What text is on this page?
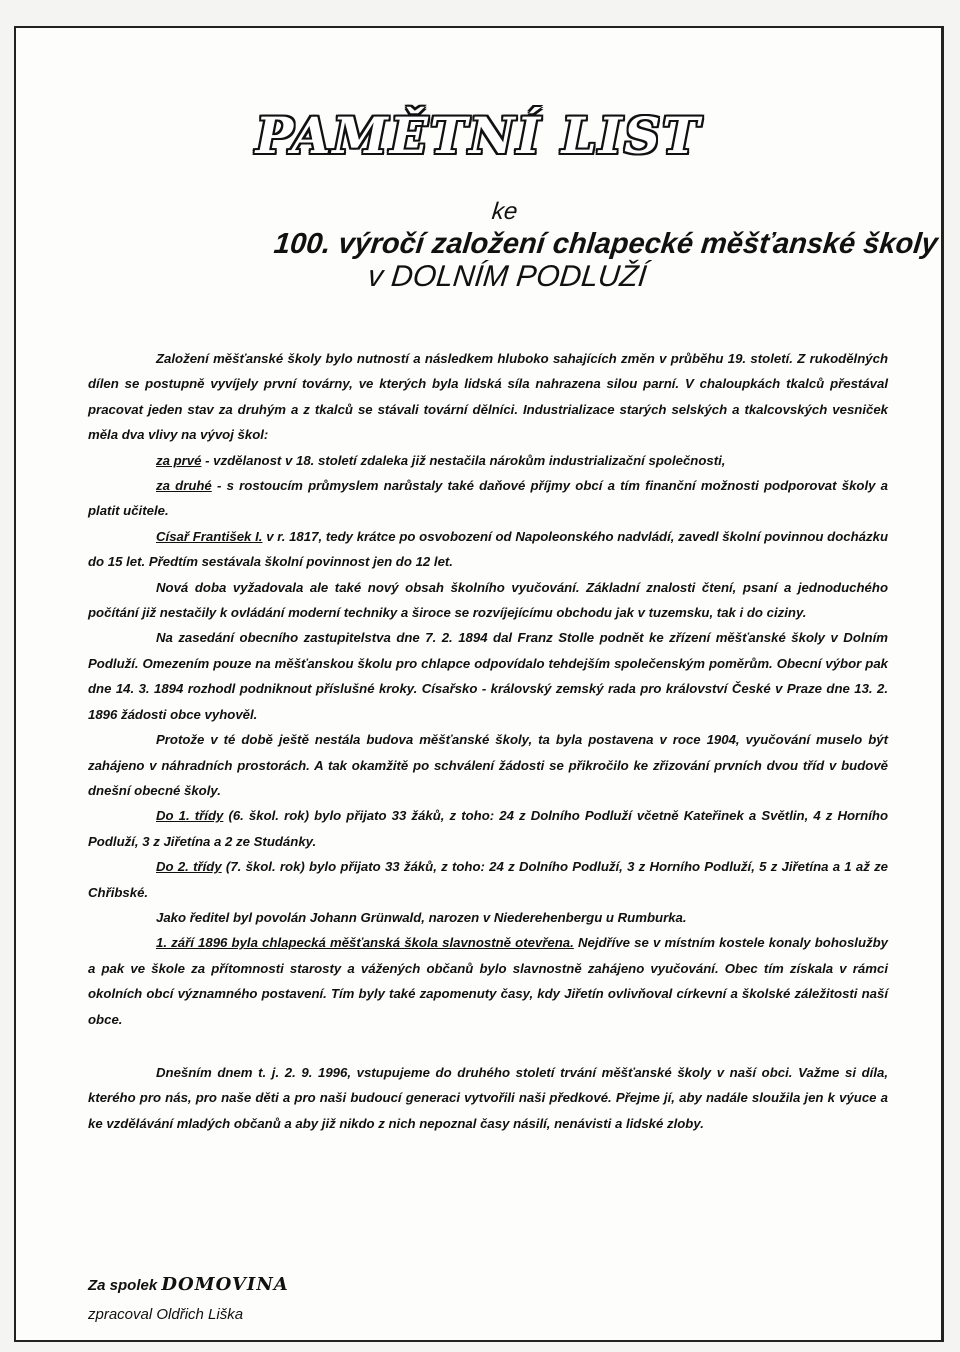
PAMĚTNÍ LIST
ke
100. výročí založení chlapecké měšťanské školy
v DOLNÍM PODLUŽÍ

Založení měšťanské školy bylo nutností a následkem hluboko sahajících změn v průběhu 19. století. Z rukodělných dílen se postupně vyvíjely první továrny, ve kterých byla lidská síla nahrazena silou parní. V chaloupkách tkalců přestával pracovat jeden stav za druhým a z tkalců se stávali tovární dělníci. Industrializace starých selských a tkalcovských vesniček měla dva vlivy na vývoj škol:

za prvé - vzdělanost v 18. století zdaleka již nestačila nárokům industrializační společnosti,

za druhé - s rostoucím průmyslem narůstaly také daňové příjmy obcí a tím finanční možnosti podporovat školy a platit učitele.

Císař František I. v r. 1817, tedy krátce po osvobození od Napoleonského nadvládí, zavedl školní povinnou docházku do 15 let. Předtím sestávala školní povinnost jen do 12 let.

Nová doba vyžadovala ale také nový obsah školního vyučování. Základní znalosti čtení, psaní a jednoduchého počítání již nestačily k ovládání moderní techniky a široce se rozvíjejícímu obchodu jak v tuzemsku, tak i do ciziny.

Na zasedání obecního zastupitelstva dne 7. 2. 1894 dal Franz Stolle podnět ke zřízení měšťanské školy v Dolním Podluží. Omezením pouze na měšťanskou školu pro chlapce odpovídalo tehdejším společenským poměrům. Obecní výbor pak dne 14. 3. 1894 rozhodl podniknout příslušné kroky. Císařsko - královský zemský rada pro království České v Praze dne 13. 2. 1896 žádosti obce vyhověl.

Protože v té době ještě nestála budova měšťanské školy, ta byla postavena v roce 1904, vyučování muselo být zahájeno v náhradních prostorách. A tak okamžitě po schválení žádosti se přikročilo ke zřizování prvních dvou tříd v budově dnešní obecné školy.

Do 1. třídy (6. škol. rok) bylo přijato 33 žáků, z toho: 24 z Dolního Podluží včetně Kateřinek a Světlin, 4 z Horního Podluží, 3 z Jiřetína a 2 ze Studánky.

Do 2. třídy (7. škol. rok) bylo přijato 33 žáků, z toho: 24 z Dolního Podluží, 3 z Horního Podluží, 5 z Jiřetína a 1 až ze Chřibské.

Jako ředitel byl povolán Johann Grünwald, narozen v Niederehenbergu u Rumburka.

1. září 1896 byla chlapecká měšťanská škola slavnostně otevřena. Nejdříve se v místním kostele konaly bohoslužby a pak ve škole za přítomnosti starosty a vážených občanů bylo slavnostně zahájeno vyučování. Obec tím získala v rámci okolních obcí významného postavení. Tím byly také zapomenuty časy, kdy Jiřetín ovlivňoval církevní a školské záležitosti naší obce.

Dnešním dnem t. j. 2. 9. 1996, vstupujeme do druhého století trvání měšťanské školy v naší obci. Važme si díla, kterého pro nás, pro naše děti a pro naši budoucí generaci vytvořili naši předkové. Přejme jí, aby nadále sloužila jen k výuce a ke vzdělávání mladých občanů a aby již nikdo z nich nepoznal časy násilí, nenávisti a lidské zloby.

Za spolek DOMOVINA
zpracoval Oldřich Liška
